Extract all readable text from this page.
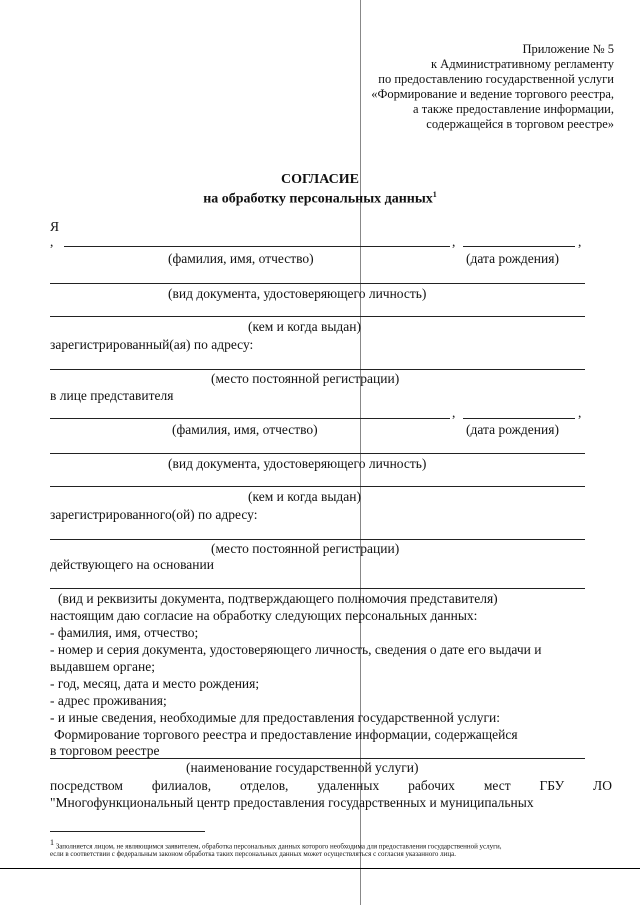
Приложение № 5
к Административному регламенту
по предоставлению государственной услуги
«Формирование и ведение торгового реестра,
а также предоставление информации,
содержащейся в торговом реестре»
СОГЛАСИЕ
на обработку персональных данных$^1$
Я
,	,	,
(фамилия, имя, отчество)	(дата рождения)
(вид документа, удостоверяющего личность)
(кем и когда выдан)
зарегистрированный(ая) по адресу:
(место постоянной регистрации)
в лице представителя
,	,
(фамилия, имя, отчество)	(дата рождения)
(вид документа, удостоверяющего личность)
(кем и когда выдан)
зарегистрированного(ой) по адресу:
(место постоянной регистрации)
действующего на основании
(вид и реквизиты документа, подтверждающего полномочия представителя)
настоящим даю согласие на обработку следующих персональных данных:
- фамилия, имя, отчество;
- номер и серия документа, удостоверяющего личность, сведения о дате его выдачи и
выдавшем органе;
- год, месяц, дата и место рождения;
- адрес проживания;
- и иные сведения, необходимые для предоставления государственной услуги:
Формирование торгового реестра и предоставление информации, содержащейся
в торговом реестре
(наименование государственной услуги)
посредством филиалов, отделов, удаленных рабочих мест ГБУ ЛО
"Многофункциональный центр предоставления государственных и муниципальных
$^1$ Заполняется лицом, не являющимся заявителем, обработка персональных данных которого необходима для предоставления государственной услуги,
если в соответствии с федеральным законом обработка таких персональных данных может осуществляться с согласия указанного лица.
